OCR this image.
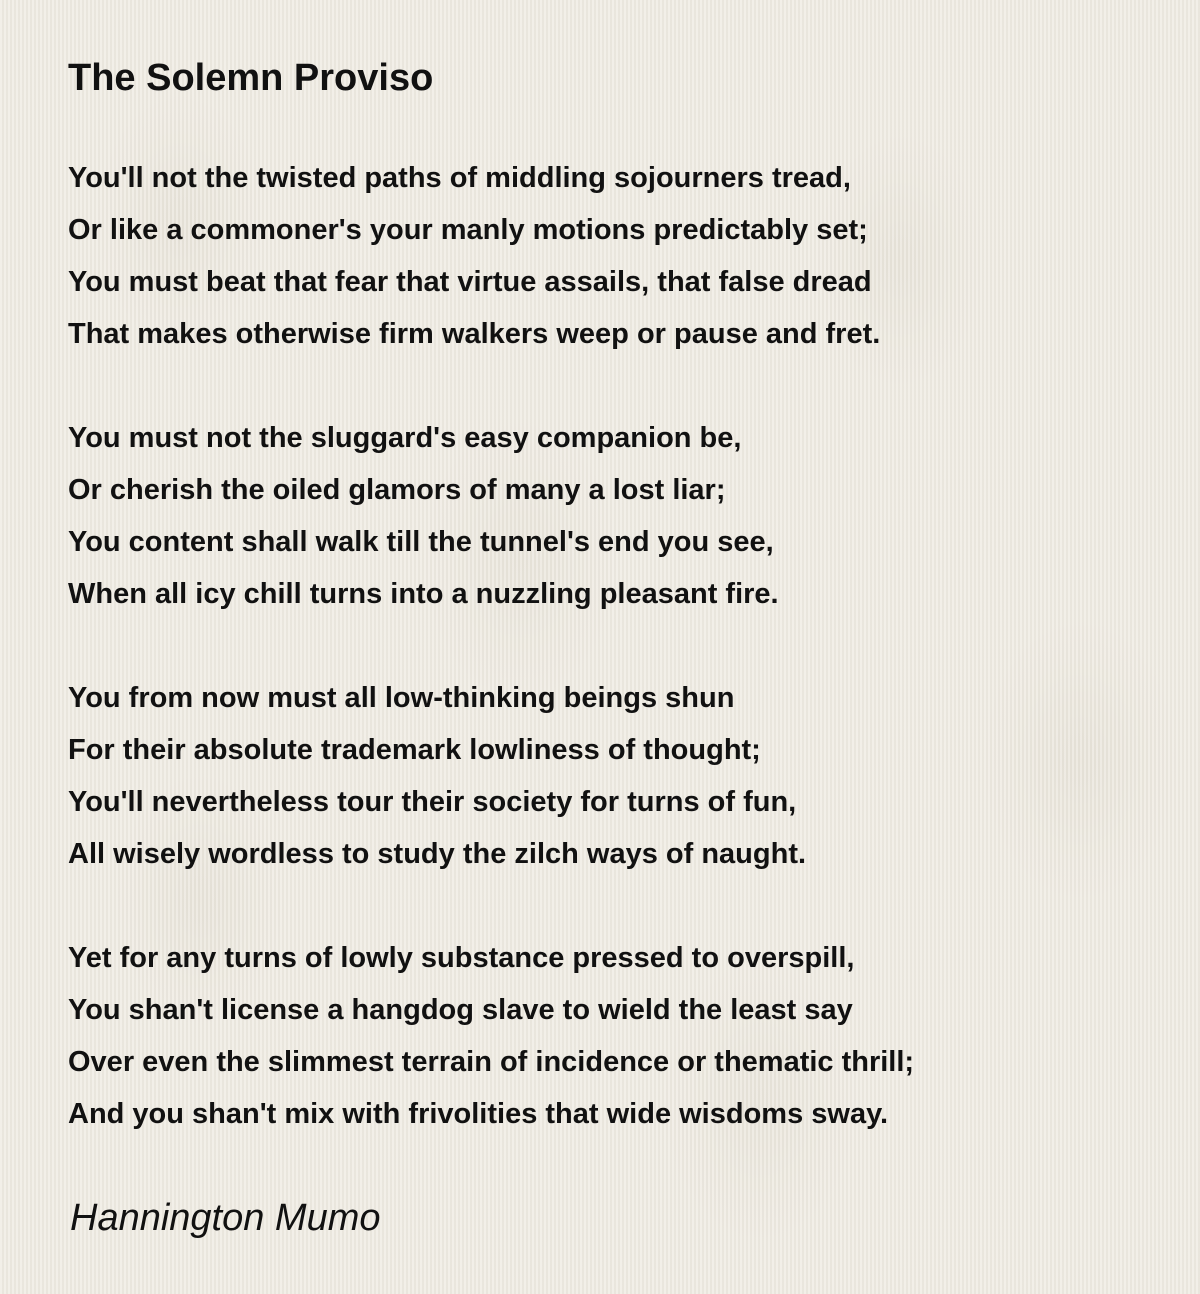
The Solemn Proviso
You'll not the twisted paths of middling sojourners tread,
Or like a commoner's your manly motions predictably set;
You must beat that fear that virtue assails, that false dread
That makes otherwise firm walkers weep or pause and fret.
You must not the sluggard's easy companion be,
Or cherish the oiled glamors of many a lost liar;
You content shall walk till the tunnel's end you see,
When all icy chill turns into a nuzzling pleasant fire.
You from now must all low-thinking beings shun
For their absolute trademark lowliness of thought;
You'll nevertheless tour their society for turns of fun,
All wisely wordless to study the zilch ways of naught.
Yet for any turns of lowly substance pressed to overspill,
You shan't license a hangdog slave to wield the least say
Over even the slimmest terrain of incidence or thematic thrill;
And you shan't mix with frivolities that wide wisdoms sway.
Hannington Mumo
